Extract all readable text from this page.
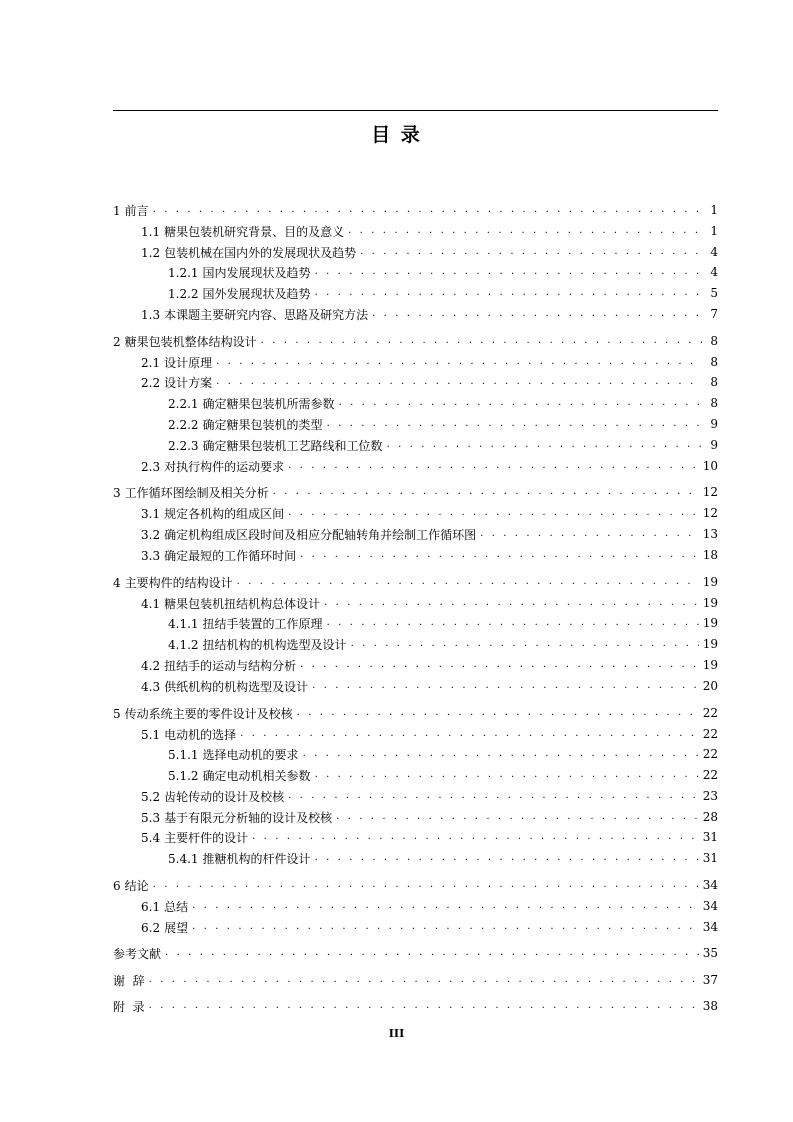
目 录
1 前言 . . .	1
1.1 糖果包装机研究背景、目的及意义 . . .	1
1.2 包装机械在国内外的发展现状及趋势 . . .	4
1.2.1 国内发展现状及趋势 . . .	4
1.2.2 国外发展现状及趋势 . . .	5
1.3 本课题主要研究内容、思路及研究方法 . . .	7
2 糖果包装机整体结构设计 . . .	8
2.1 设计原理 . . .	8
2.2 设计方案 . . .	8
2.2.1 确定糖果包装机所需参数 . . .	8
2.2.2 确定糖果包装机的类型 . . .	9
2.2.3 确定糖果包装机工艺路线和工位数 . . .	9
2.3 对执行构件的运动要求 . . .	10
3 工作循环图绘制及相关分析 . . .	12
3.1 规定各机构的组成区间 . . .	12
3.2 确定机构组成区段时间及相应分配轴转角并绘制工作循环图 . . .	13
3.3 确定最短的工作循环时间 . . .	18
4 主要构件的结构设计 . . .	19
4.1 糖果包装机扭结机构总体设计 . . .	19
4.1.1 扭结手装置的工作原理 . . .	19
4.1.2 扭结机构的机构选型及设计 . . .	19
4.2 扭结手的运动与结构分析 . . .	19
4.3 供纸机构的机构选型及设计 . . .	20
5 传动系统主要的零件设计及校核 . . .	22
5.1 电动机的选择 . . .	22
5.1.1 选择电动机的要求 . . .	22
5.1.2 确定电动机相关参数 . . .	22
5.2 齿轮传动的设计及校核 . . .	23
5.3 基于有限元分析轴的设计及校核 . . .	28
5.4 主要杆件的设计 . . .	31
5.4.1 推糖机构的杆件设计 . . .	31
6 结论 . . .	34
6.1 总结 . . .	34
6.2 展望 . . .	34
参考文献 . . .	35
谢  辞 . . .	37
附  录 . . .	38
III
